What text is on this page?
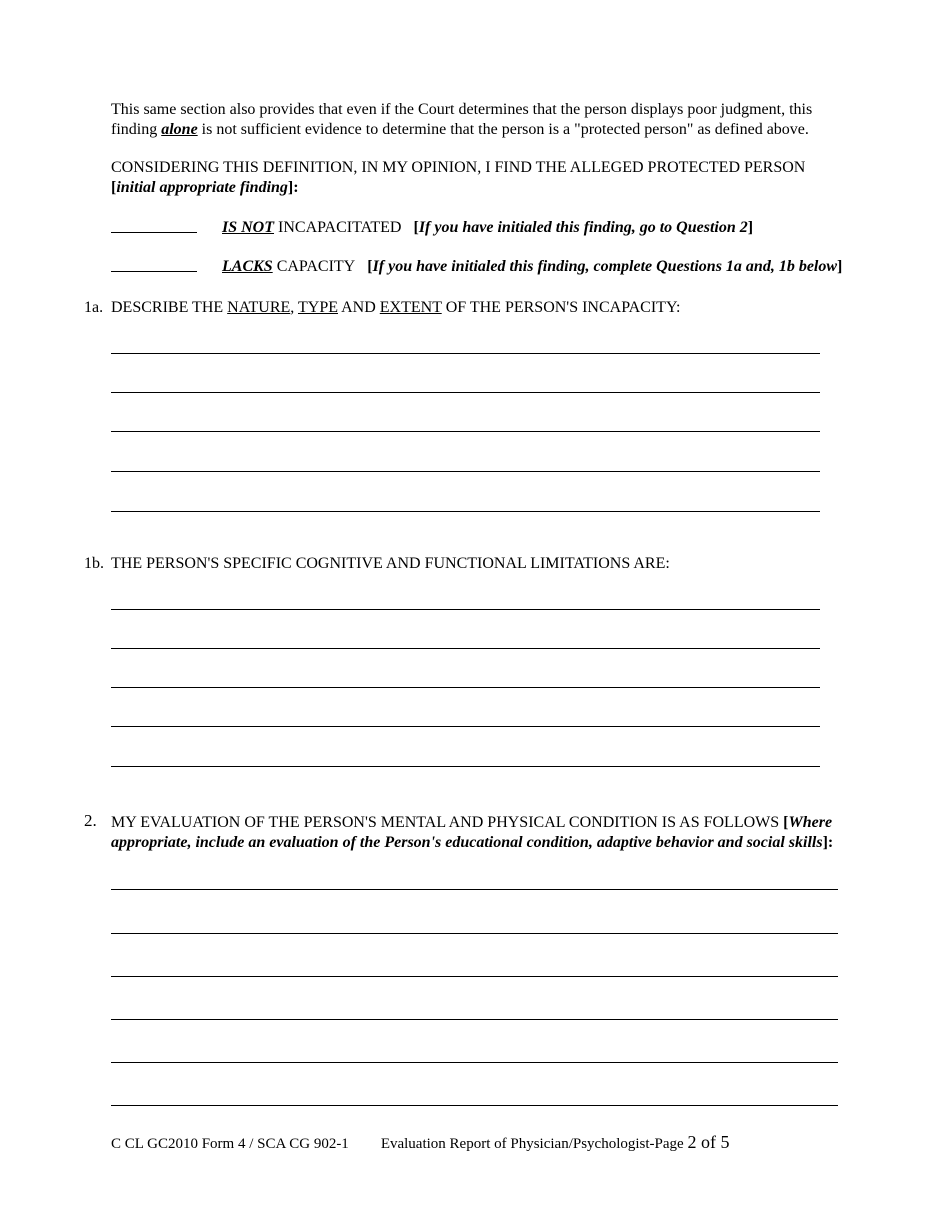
This same section also provides that even if the Court determines that the person displays poor judgment, this
finding alone is not sufficient evidence to determine that the person is a "protected person" as defined above.
CONSIDERING THIS DEFINITION, IN MY OPINION, I FIND THE ALLEGED PROTECTED PERSON
[initial appropriate finding]:
IS NOT INCAPACITATED [If you have initialed this finding, go to Question 2]
LACKS CAPACITY [If you have initialed this finding, complete Questions 1a and, 1b below]
1a. DESCRIBE THE NATURE, TYPE AND EXTENT OF THE PERSON'S INCAPACITY:
1b. THE PERSON'S SPECIFIC COGNITIVE AND FUNCTIONAL LIMITATIONS ARE:
2. MY EVALUATION OF THE PERSON'S MENTAL AND PHYSICAL CONDITION IS AS FOLLOWS [Where
appropriate, include an evaluation of the Person's educational condition, adaptive behavior and social skills]:
C CL GC2010 Form 4 / SCA CG 902-1 Evaluation Report of Physician/Psychologist-Page 2 of 5
